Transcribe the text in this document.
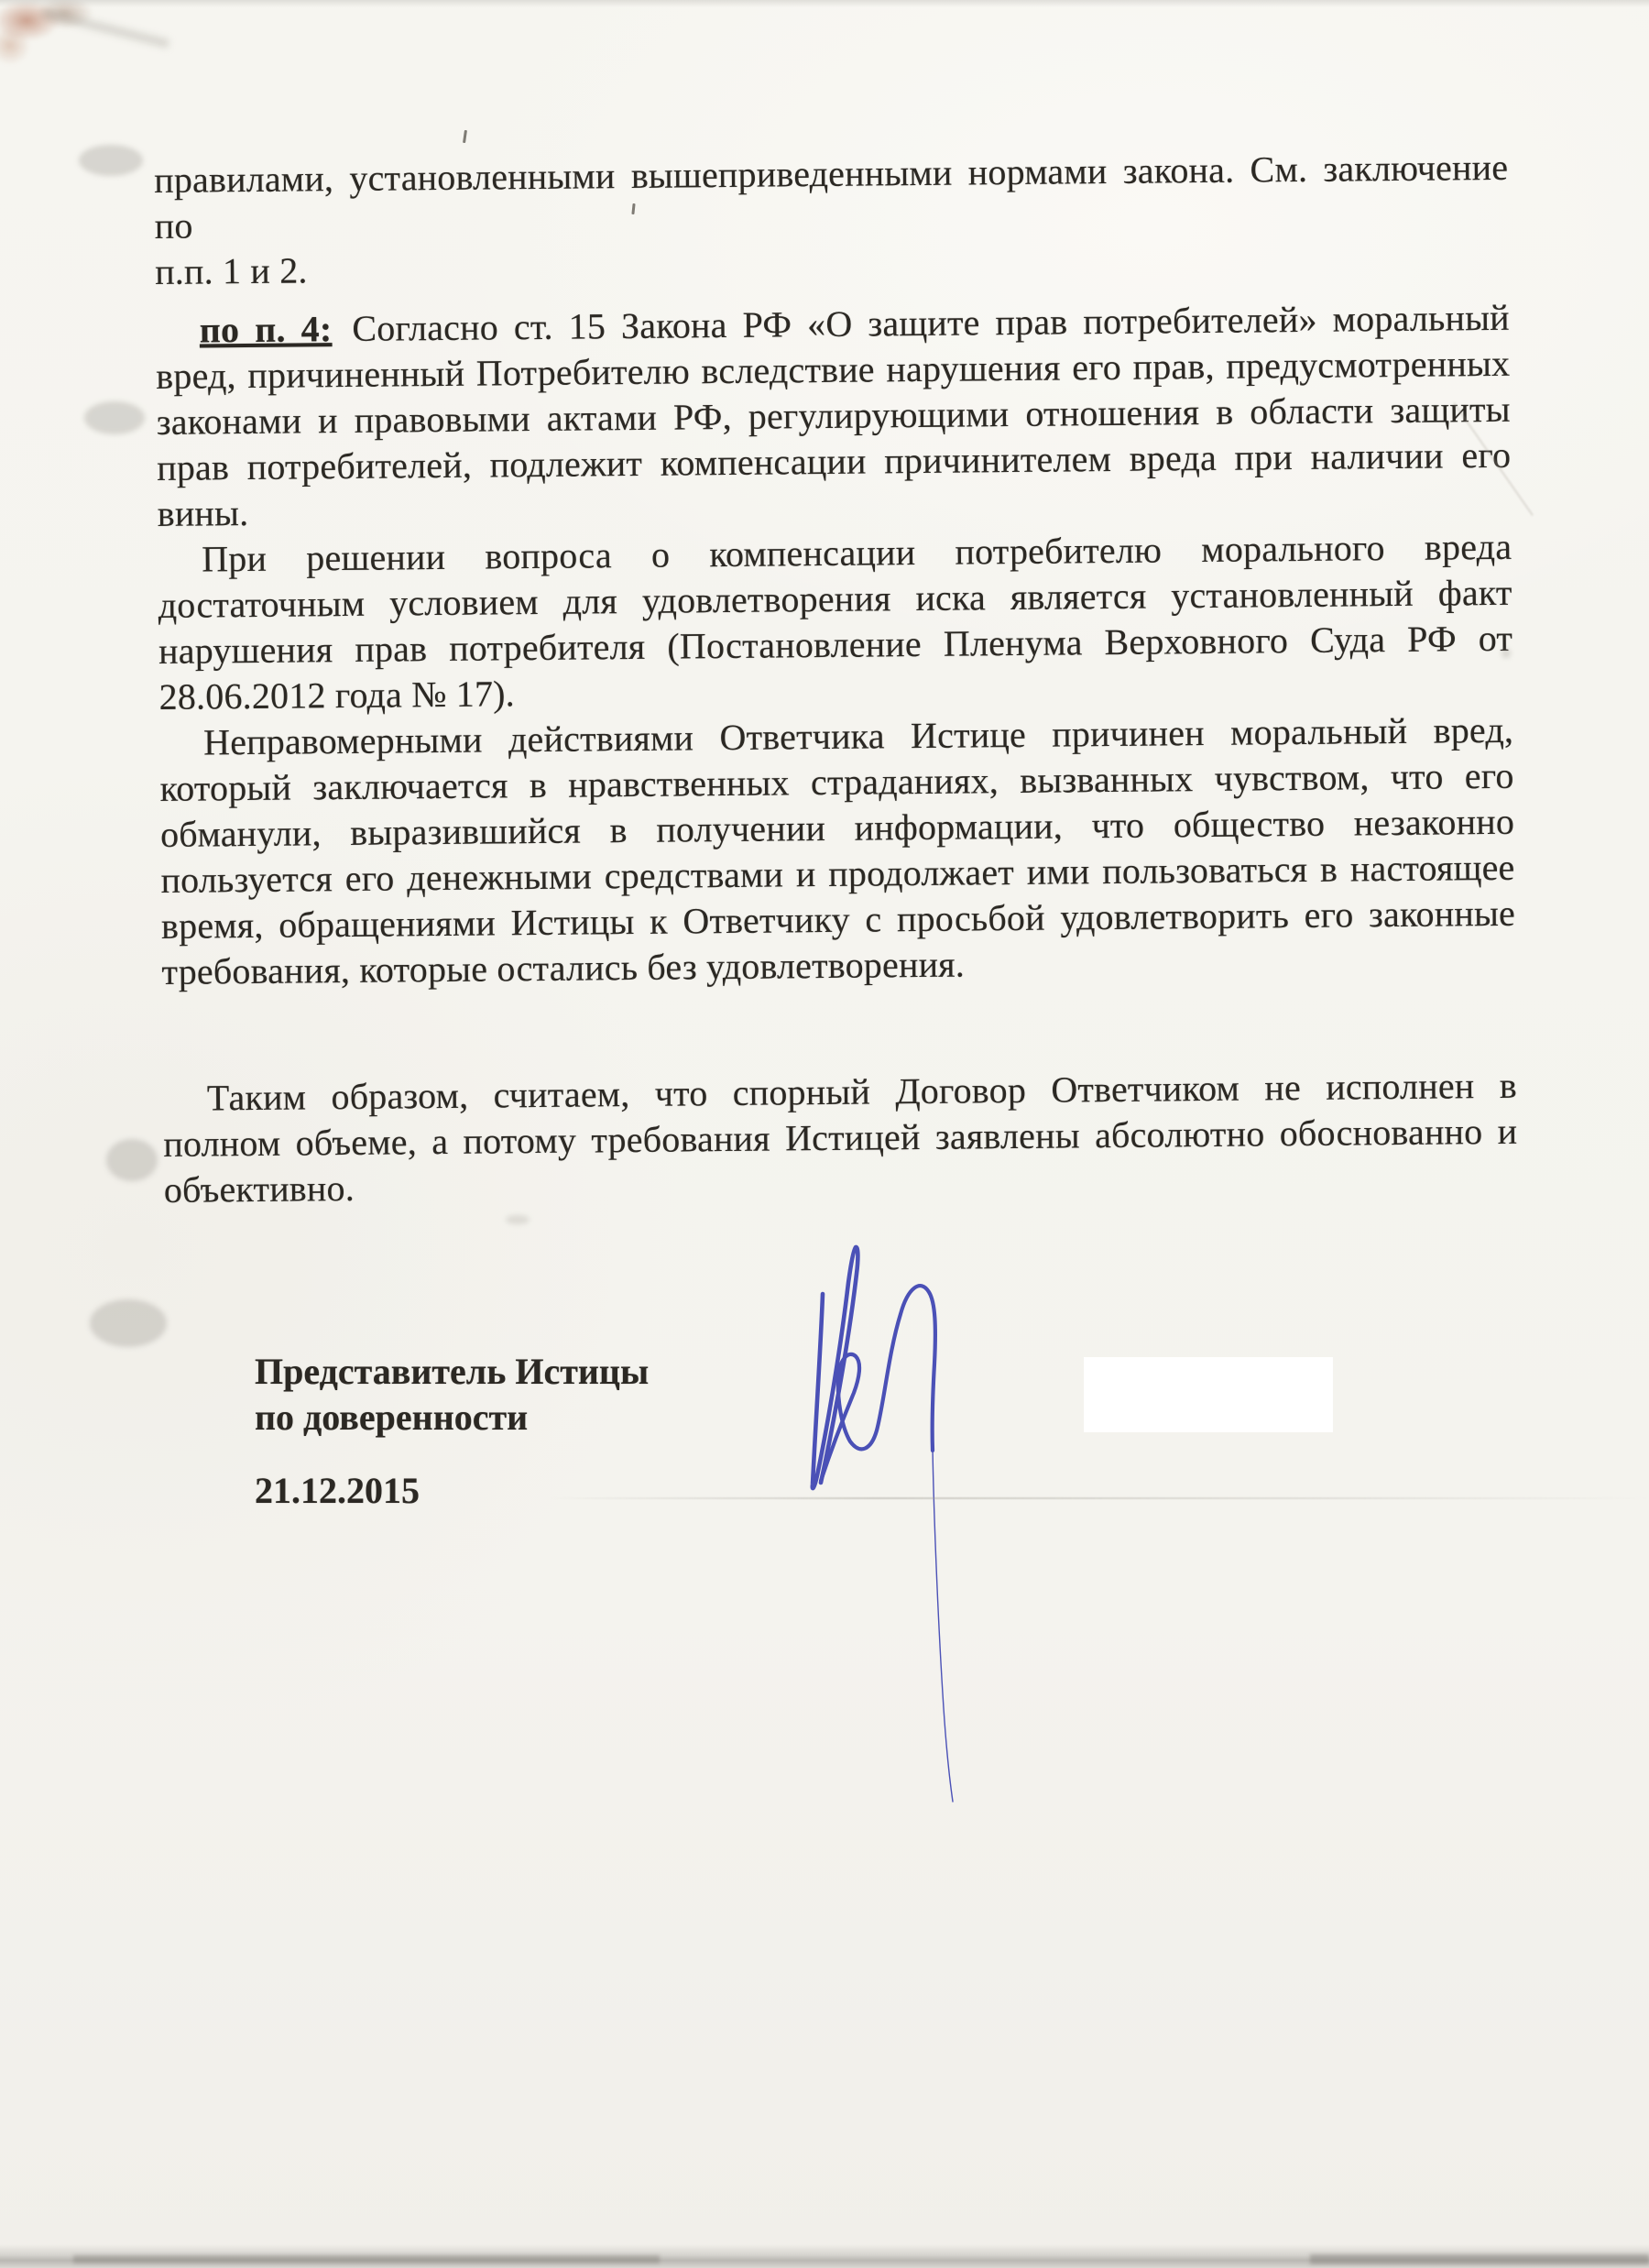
правилами, установленными вышеприведенными нормами закона. См. заключение по
п.п. 1 и 2.
по п. 4: Согласно ст. 15 Закона РФ «О защите прав потребителей» моральный
вред, причиненный Потребителю вследствие нарушения его прав, предусмотренных
законами и правовыми актами РФ, регулирующими отношения в области защиты
прав потребителей, подлежит компенсации причинителем вреда при наличии его
вины.
При решении вопроса о компенсации потребителю морального вреда
достаточным условием для удовлетворения иска является установленный факт
нарушения прав потребителя (Постановление Пленума Верховного Суда РФ от
28.06.2012 года № 17).
Неправомерными действиями Ответчика Истице причинен моральный вред,
который заключается в нравственных страданиях, вызванных чувством, что его
обманули, выразившийся в получении информации, что общество незаконно
пользуется его денежными средствами и продолжает ими пользоваться в настоящее
время, обращениями Истицы к Ответчику с просьбой удовлетворить его законные
требования, которые остались без удовлетворения.
Таким образом, считаем, что спорный Договор Ответчиком не исполнен в
полном объеме, а потому требования Истицей заявлены абсолютно обоснованно и
объективно.
Представитель Истицы
по доверенности
21.12.2015
